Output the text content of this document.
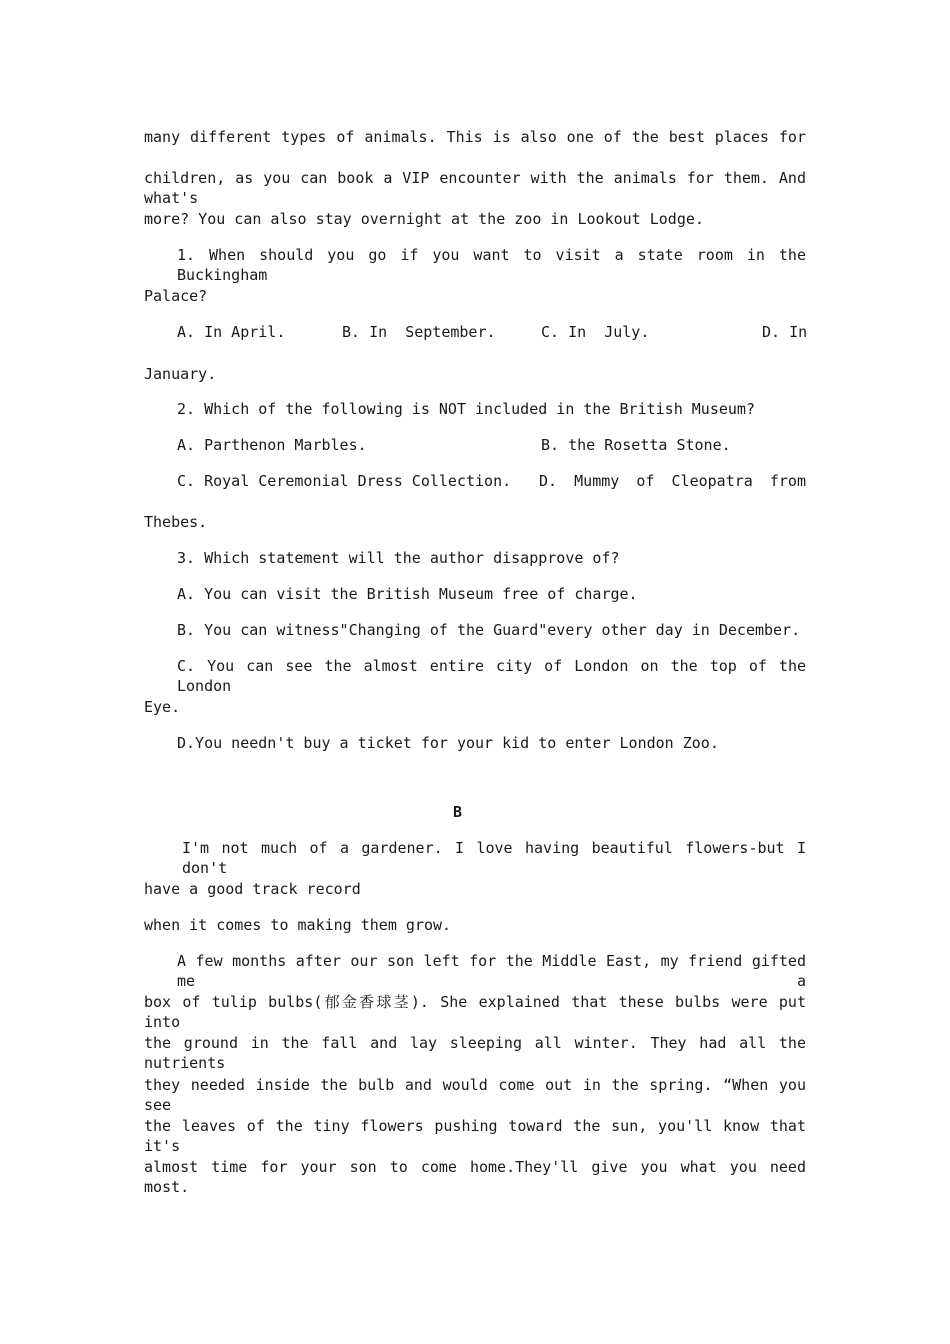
many different types of animals. This is also one of the best places for
children, as you can book a VIP encounter with the animals for them. And what's
more? You can also stay overnight at the zoo in Lookout Lodge.
1. When should you go if you want to visit a state room in the Buckingham
Palace?
A. In April.	B. In  September.	C. In  July.	D. In
January.
2. Which of the following is NOT included in the British Museum?
A. Parthenon Marbles.	B. the Rosetta Stone.
C. Royal Ceremonial Dress Collection. D. Mummy of Cleopatra from
Thebes.
3. Which statement will the author disapprove of?
A. You can visit the British Museum free of charge.
B. You can witness"Changing of the Guard"every other day in December.
C. You can see the almost entire city of London on the top of the London
Eye.
D.You needn't buy a ticket for your kid to enter London Zoo.
B
I'm not much of a gardener. I love having beautiful flowers-but I don't
have a good track record
when it comes to making them grow.
A few months after our son left for the Middle East, my friend gifted me a
box of tulip bulbs(郁金香球茎). She explained that these bulbs were put into
the ground in the fall and lay sleeping all winter. They had all the nutrients
they needed inside the bulb and would come out in the spring. “When you see
the leaves of the tiny flowers pushing toward the sun, you'll know that it's
almost time for your son to come home.They'll give you what you need most.
